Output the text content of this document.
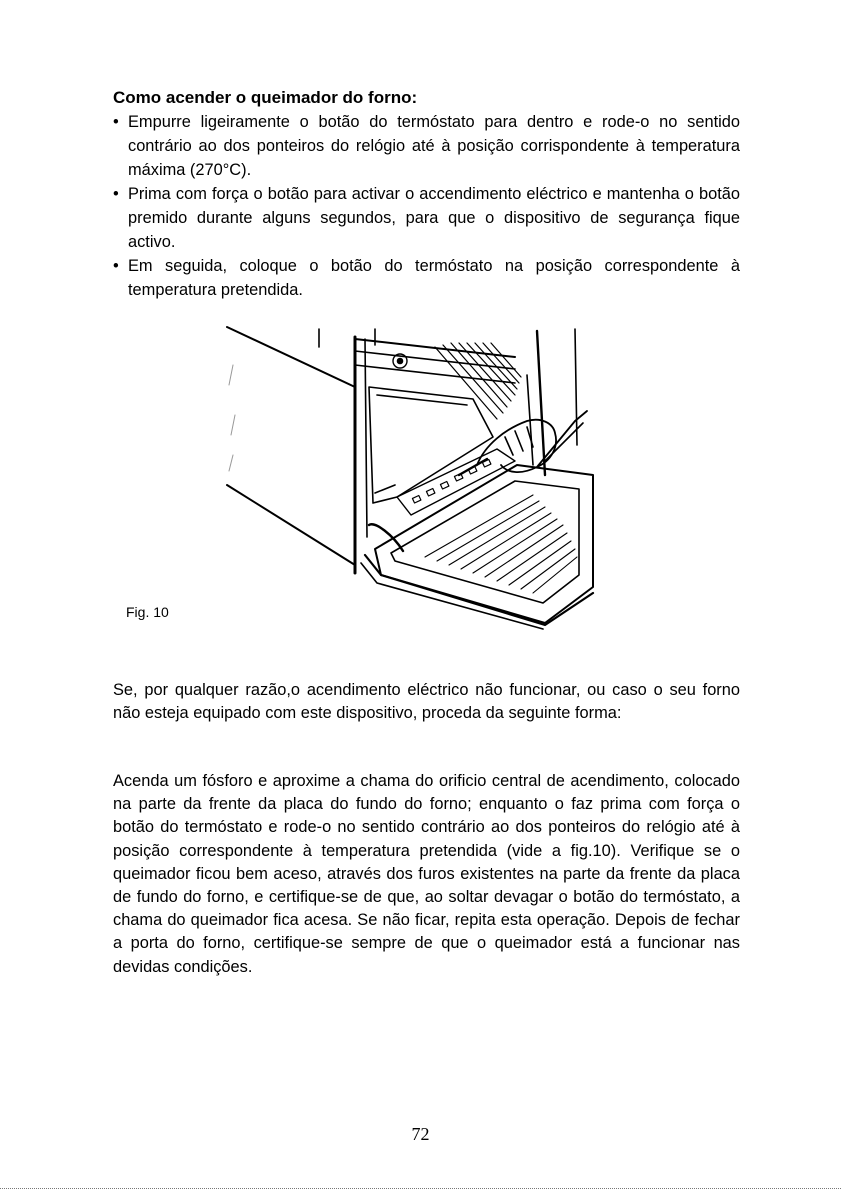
Como acender o queimador do forno:
• Empurre ligeiramente o botão do termóstato para dentro e rode-o no sentido contrário ao dos ponteiros do relógio até à posição corrispondente à temperatura máxima (270°C).
• Prima com força o botão para activar o accendimento eléctrico e mantenha o botão premido durante alguns segundos, para que o dispositivo de segurança fique activo.
• Em seguida, coloque o botão do termóstato na posição correspondente à temperatura pretendida.
Fig. 10

Se, por qualquer razão,o acendimento eléctrico não funcionar, ou caso o seu forno não esteja equipado com este dispositivo, proceda da seguinte forma:

Acenda um fósforo e aproxime a chama do orificio central de acendimento, colocado na parte da frente da placa do fundo do forno; enquanto o faz prima com força o botão do termóstato e rode-o no sentido contrário ao dos ponteiros do relógio até à posição correspondente à temperatura pretendida (vide a fig.10). Verifique se o queimador ficou bem aceso, através dos furos existentes na parte da frente da placa de fundo do forno, e certifique-se de que, ao soltar devagar o botão do termóstato, a chama do queimador fica acesa. Se não ficar, repita esta operação. Depois de fechar a porta do forno, certifique-se sempre de que o queimador está a funcionar nas devidas condições.

72
